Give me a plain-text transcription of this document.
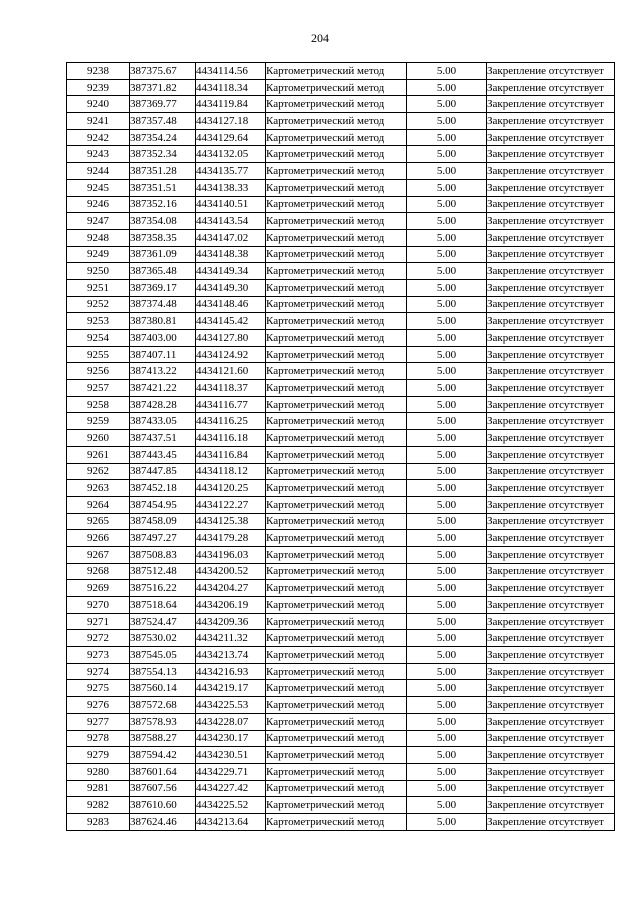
204
9238	387375.67	4434114.56	Картометрический метод	5.00	Закрепление отсутствует
9239	387371.82	4434118.34	Картометрический метод	5.00	Закрепление отсутствует
9240	387369.77	4434119.84	Картометрический метод	5.00	Закрепление отсутствует
9241	387357.48	4434127.18	Картометрический метод	5.00	Закрепление отсутствует
9242	387354.24	4434129.64	Картометрический метод	5.00	Закрепление отсутствует
9243	387352.34	4434132.05	Картометрический метод	5.00	Закрепление отсутствует
9244	387351.28	4434135.77	Картометрический метод	5.00	Закрепление отсутствует
9245	387351.51	4434138.33	Картометрический метод	5.00	Закрепление отсутствует
9246	387352.16	4434140.51	Картометрический метод	5.00	Закрепление отсутствует
9247	387354.08	4434143.54	Картометрический метод	5.00	Закрепление отсутствует
9248	387358.35	4434147.02	Картометрический метод	5.00	Закрепление отсутствует
9249	387361.09	4434148.38	Картометрический метод	5.00	Закрепление отсутствует
9250	387365.48	4434149.34	Картометрический метод	5.00	Закрепление отсутствует
9251	387369.17	4434149.30	Картометрический метод	5.00	Закрепление отсутствует
9252	387374.48	4434148.46	Картометрический метод	5.00	Закрепление отсутствует
9253	387380.81	4434145.42	Картометрический метод	5.00	Закрепление отсутствует
9254	387403.00	4434127.80	Картометрический метод	5.00	Закрепление отсутствует
9255	387407.11	4434124.92	Картометрический метод	5.00	Закрепление отсутствует
9256	387413.22	4434121.60	Картометрический метод	5.00	Закрепление отсутствует
9257	387421.22	4434118.37	Картометрический метод	5.00	Закрепление отсутствует
9258	387428.28	4434116.77	Картометрический метод	5.00	Закрепление отсутствует
9259	387433.05	4434116.25	Картометрический метод	5.00	Закрепление отсутствует
9260	387437.51	4434116.18	Картометрический метод	5.00	Закрепление отсутствует
9261	387443.45	4434116.84	Картометрический метод	5.00	Закрепление отсутствует
9262	387447.85	4434118.12	Картометрический метод	5.00	Закрепление отсутствует
9263	387452.18	4434120.25	Картометрический метод	5.00	Закрепление отсутствует
9264	387454.95	4434122.27	Картометрический метод	5.00	Закрепление отсутствует
9265	387458.09	4434125.38	Картометрический метод	5.00	Закрепление отсутствует
9266	387497.27	4434179.28	Картометрический метод	5.00	Закрепление отсутствует
9267	387508.83	4434196.03	Картометрический метод	5.00	Закрепление отсутствует
9268	387512.48	4434200.52	Картометрический метод	5.00	Закрепление отсутствует
9269	387516.22	4434204.27	Картометрический метод	5.00	Закрепление отсутствует
9270	387518.64	4434206.19	Картометрический метод	5.00	Закрепление отсутствует
9271	387524.47	4434209.36	Картометрический метод	5.00	Закрепление отсутствует
9272	387530.02	4434211.32	Картометрический метод	5.00	Закрепление отсутствует
9273	387545.05	4434213.74	Картометрический метод	5.00	Закрепление отсутствует
9274	387554.13	4434216.93	Картометрический метод	5.00	Закрепление отсутствует
9275	387560.14	4434219.17	Картометрический метод	5.00	Закрепление отсутствует
9276	387572.68	4434225.53	Картометрический метод	5.00	Закрепление отсутствует
9277	387578.93	4434228.07	Картометрический метод	5.00	Закрепление отсутствует
9278	387588.27	4434230.17	Картометрический метод	5.00	Закрепление отсутствует
9279	387594.42	4434230.51	Картометрический метод	5.00	Закрепление отсутствует
9280	387601.64	4434229.71	Картометрический метод	5.00	Закрепление отсутствует
9281	387607.56	4434227.42	Картометрический метод	5.00	Закрепление отсутствует
9282	387610.60	4434225.52	Картометрический метод	5.00	Закрепление отсутствует
9283	387624.46	4434213.64	Картометрический метод	5.00	Закрепление отсутствует
